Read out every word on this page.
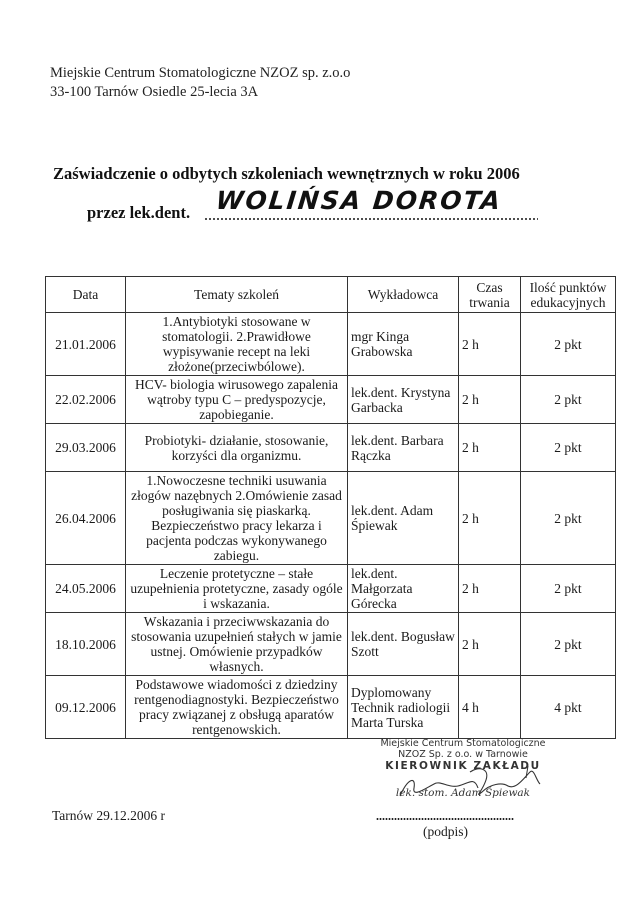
Miejskie Centrum Stomatologiczne NZOZ sp. z.o.o
33-100 Tarnów Osiedle 25-lecia 3A
Zaświadczenie o odbytych szkoleniach wewnętrznych w roku 2006
przez lek.dent. WOLIŃSA DOROTA
Data	Tematy szkoleń	Wykładowca	Czas trwania	Ilość punktów edukacyjnych
21.01.2006	1.Antybiotyki stosowane w stomatologii. 2.Prawidłowe wypisywanie recept na leki złożone(przeciwbólowe).	mgr Kinga Grabowska	2 h	2 pkt
22.02.2006	HCV- biologia wirusowego zapalenia wątroby typu C – predyspozycje, zapobieganie.	lek.dent. Krystyna Garbacka	2 h	2 pkt
29.03.2006	Probiotyki- działanie, stosowanie, korzyści dla organizmu.	lek.dent. Barbara Rączka	2 h	2 pkt
26.04.2006	1.Nowoczesne techniki usuwania złogów nazębnych 2.Omówienie zasad posługiwania się piaskarką. Bezpieczeństwo pracy lekarza i pacjenta podczas wykonywanego zabiegu.	lek.dent. Adam Śpiewak	2 h	2 pkt
24.05.2006	Leczenie protetyczne – stałe uzupełnienia protetyczne, zasady ogóle i wskazania.	lek.dent. Małgorzata Górecka	2 h	2 pkt
18.10.2006	Wskazania i przeciwwskazania do stosowania uzupełnień stałych w jamie ustnej. Omówienie przypadków własnych.	lek.dent. Bogusław Szott	2 h	2 pkt
09.12.2006	Podstawowe wiadomości z dziedziny rentgenodiagnostyki. Bezpieczeństwo pracy związanej z obsługą aparatów rentgenowskich.	Dyplomowany Technik radiologii Marta Turska	4 h	4 pkt
Miejskie Centrum Stomatologiczne
NZOZ Sp. z o.o. w Tarnowie
KIEROWNIK ZAKŁADU
lek. stom. Adam Śpiewak
Tarnów 29.12.2006 r
(podpis)
